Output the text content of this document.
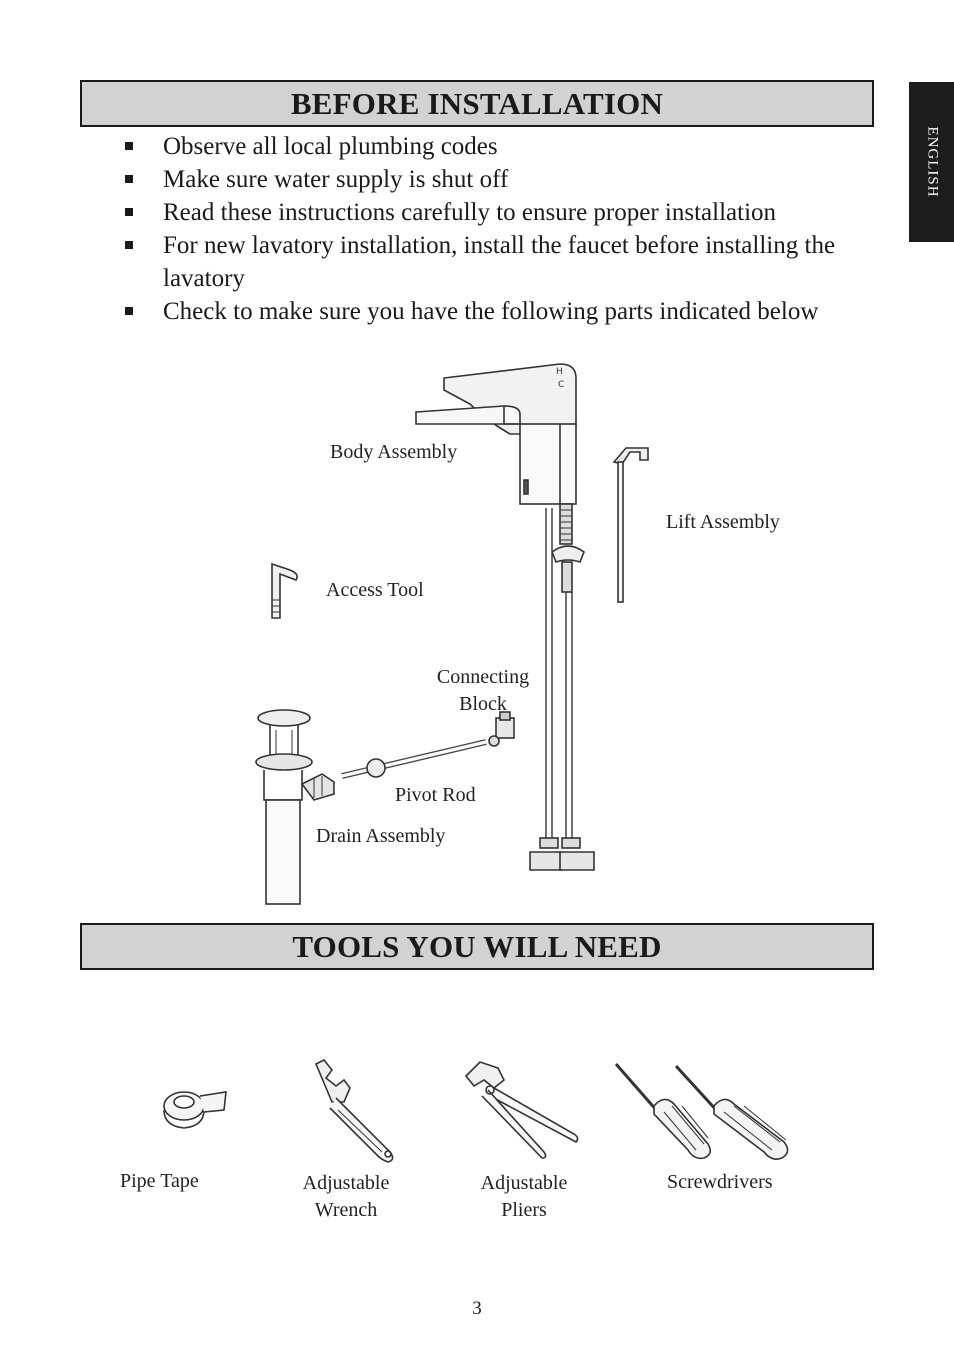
ENGLISH
BEFORE INSTALLATION
Observe all local plumbing codes
Make sure water supply is shut off
Read these instructions carefully to ensure proper installation
For new lavatory installation, install the faucet before installing the lavatory
Check to make sure you have the following parts indicated below
H
C
Body Assembly
Lift Assembly
Access Tool
Connecting
Block
Pivot Rod
Drain Assembly
TOOLS YOU WILL NEED
Pipe Tape	Adjustable
Wrench
Adjustable
Pliers
Screwdrivers
3
